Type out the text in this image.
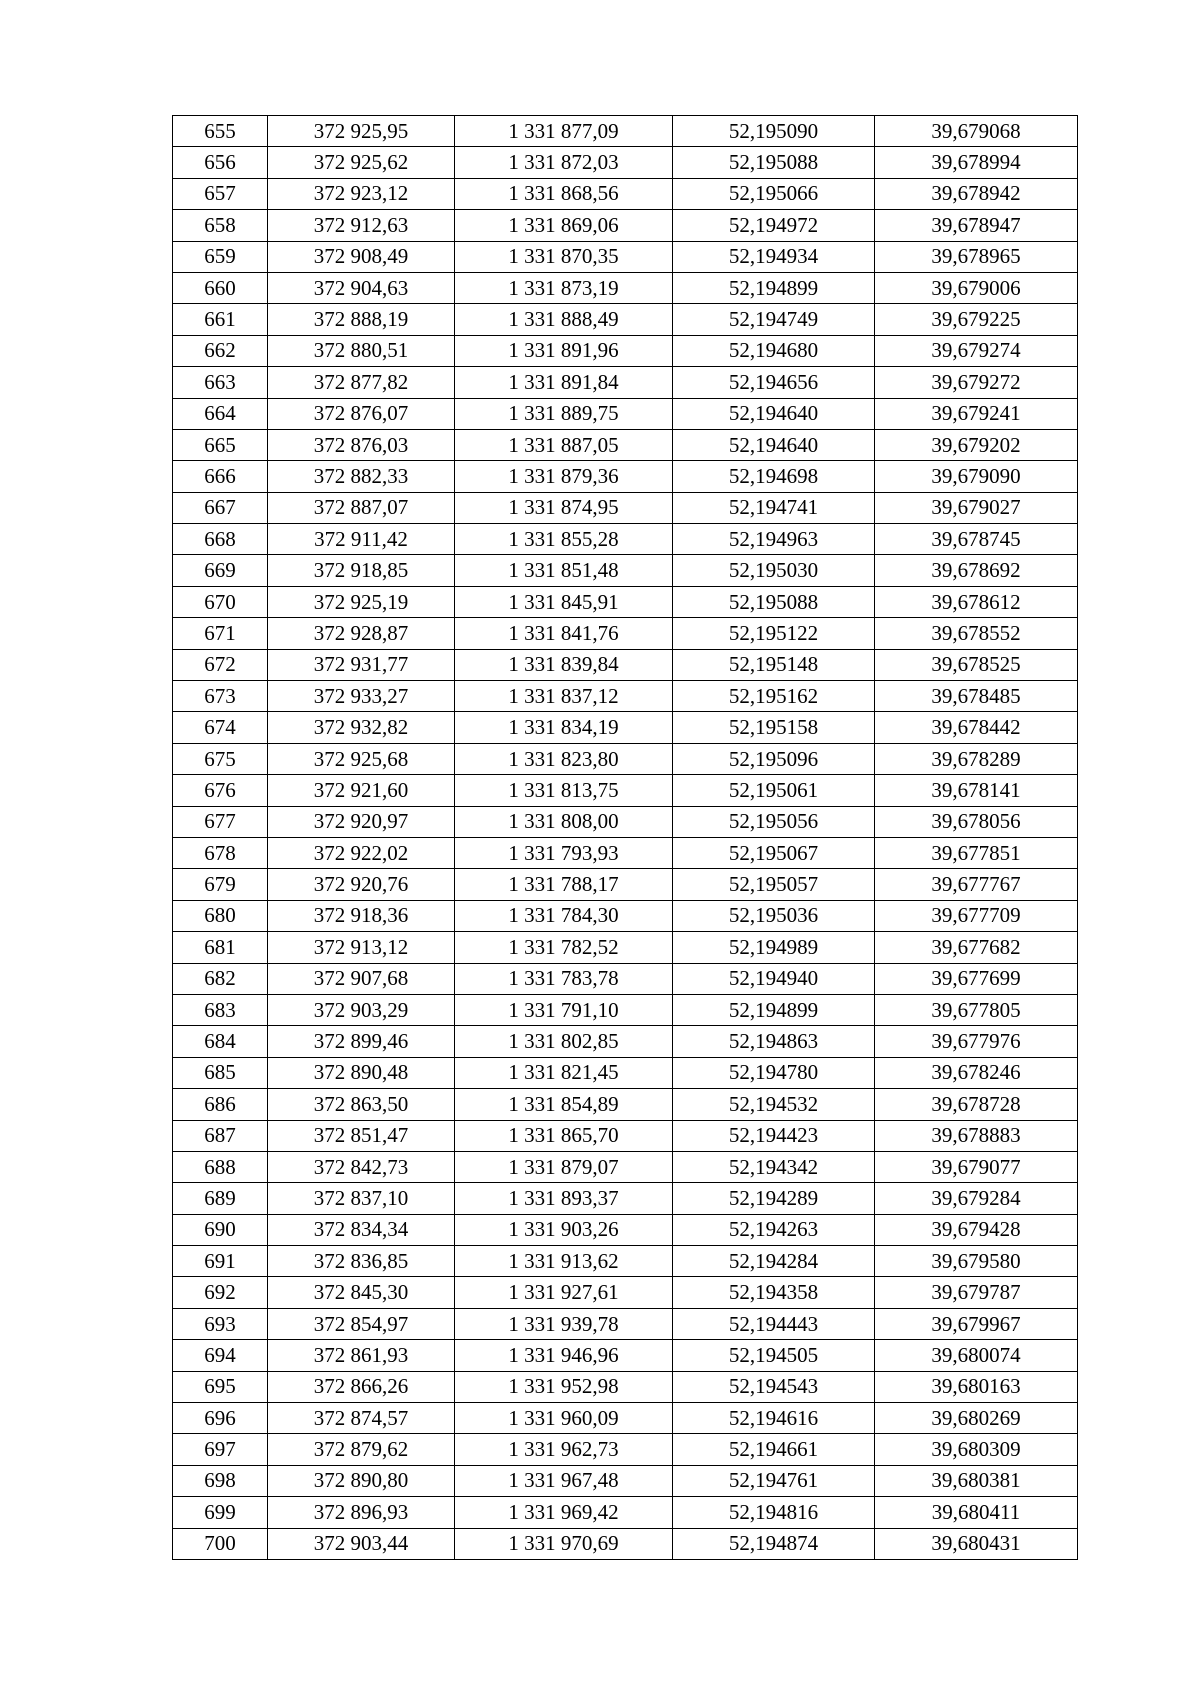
655	372 925,95	1 331 877,09	52,195090	39,679068
656	372 925,62	1 331 872,03	52,195088	39,678994
657	372 923,12	1 331 868,56	52,195066	39,678942
658	372 912,63	1 331 869,06	52,194972	39,678947
659	372 908,49	1 331 870,35	52,194934	39,678965
660	372 904,63	1 331 873,19	52,194899	39,679006
661	372 888,19	1 331 888,49	52,194749	39,679225
662	372 880,51	1 331 891,96	52,194680	39,679274
663	372 877,82	1 331 891,84	52,194656	39,679272
664	372 876,07	1 331 889,75	52,194640	39,679241
665	372 876,03	1 331 887,05	52,194640	39,679202
666	372 882,33	1 331 879,36	52,194698	39,679090
667	372 887,07	1 331 874,95	52,194741	39,679027
668	372 911,42	1 331 855,28	52,194963	39,678745
669	372 918,85	1 331 851,48	52,195030	39,678692
670	372 925,19	1 331 845,91	52,195088	39,678612
671	372 928,87	1 331 841,76	52,195122	39,678552
672	372 931,77	1 331 839,84	52,195148	39,678525
673	372 933,27	1 331 837,12	52,195162	39,678485
674	372 932,82	1 331 834,19	52,195158	39,678442
675	372 925,68	1 331 823,80	52,195096	39,678289
676	372 921,60	1 331 813,75	52,195061	39,678141
677	372 920,97	1 331 808,00	52,195056	39,678056
678	372 922,02	1 331 793,93	52,195067	39,677851
679	372 920,76	1 331 788,17	52,195057	39,677767
680	372 918,36	1 331 784,30	52,195036	39,677709
681	372 913,12	1 331 782,52	52,194989	39,677682
682	372 907,68	1 331 783,78	52,194940	39,677699
683	372 903,29	1 331 791,10	52,194899	39,677805
684	372 899,46	1 331 802,85	52,194863	39,677976
685	372 890,48	1 331 821,45	52,194780	39,678246
686	372 863,50	1 331 854,89	52,194532	39,678728
687	372 851,47	1 331 865,70	52,194423	39,678883
688	372 842,73	1 331 879,07	52,194342	39,679077
689	372 837,10	1 331 893,37	52,194289	39,679284
690	372 834,34	1 331 903,26	52,194263	39,679428
691	372 836,85	1 331 913,62	52,194284	39,679580
692	372 845,30	1 331 927,61	52,194358	39,679787
693	372 854,97	1 331 939,78	52,194443	39,679967
694	372 861,93	1 331 946,96	52,194505	39,680074
695	372 866,26	1 331 952,98	52,194543	39,680163
696	372 874,57	1 331 960,09	52,194616	39,680269
697	372 879,62	1 331 962,73	52,194661	39,680309
698	372 890,80	1 331 967,48	52,194761	39,680381
699	372 896,93	1 331 969,42	52,194816	39,680411
700	372 903,44	1 331 970,69	52,194874	39,680431
